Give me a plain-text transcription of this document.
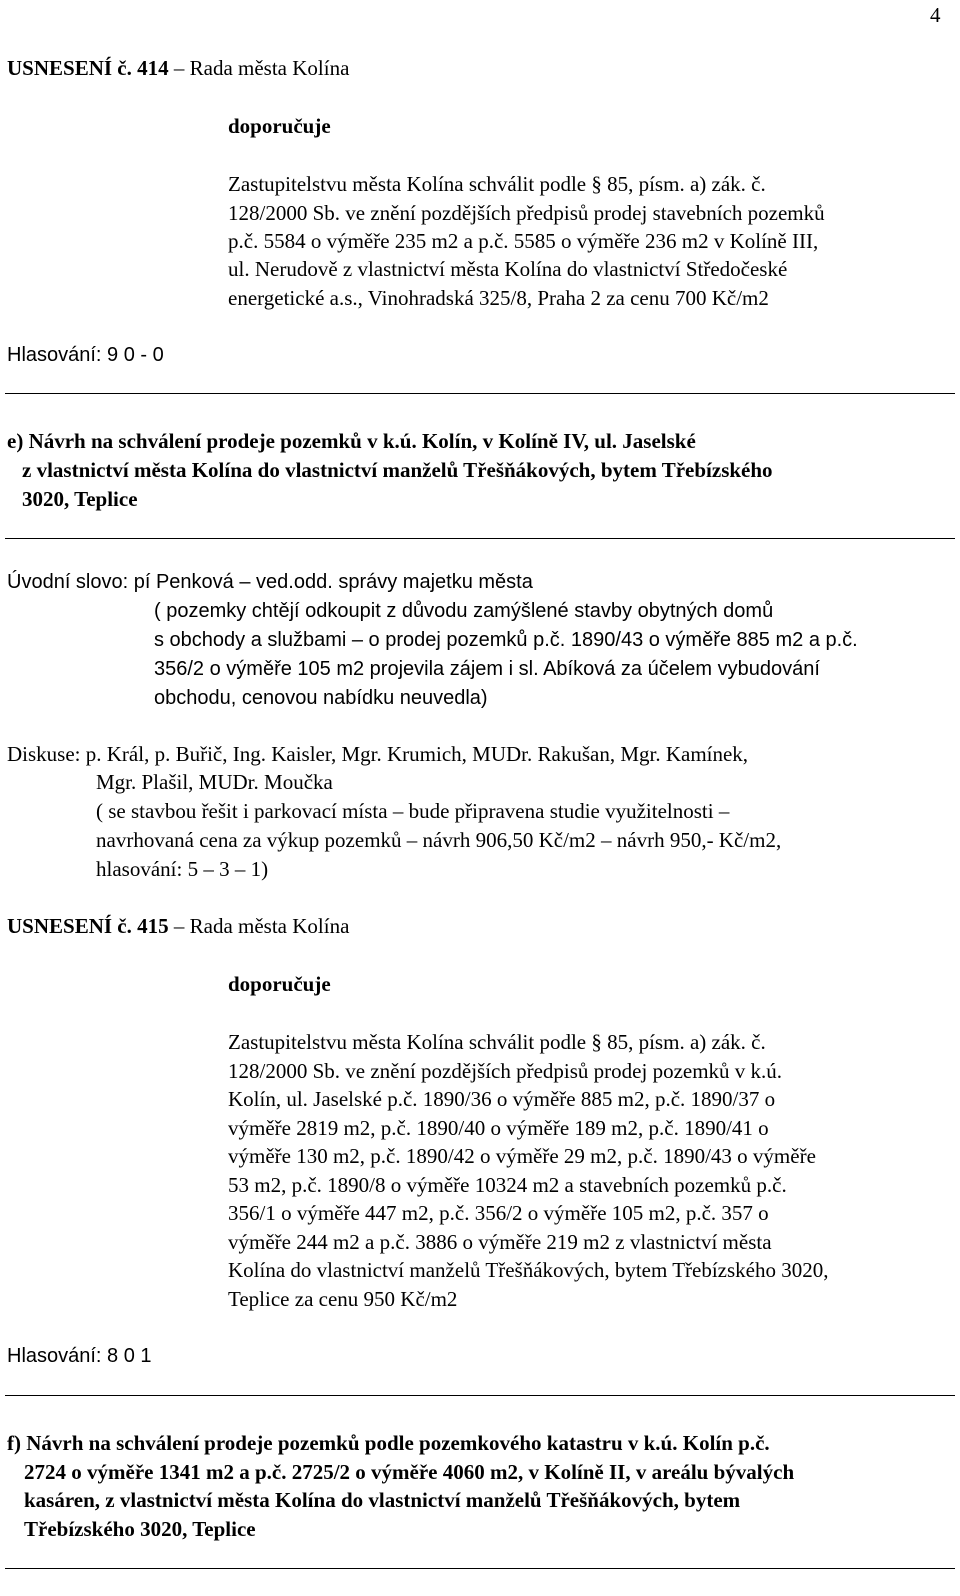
4
USNESENÍ č. 414 – Rada města Kolína
doporučuje
Zastupitelstvu města Kolína schválit podle § 85, písm. a) zák. č.
128/2000 Sb. ve znění pozdějších předpisů prodej stavebních pozemků
p.č. 5584 o výměře 235 m2 a p.č. 5585 o výměře 236 m2 v Kolíně III,
ul. Nerudově z vlastnictví města Kolína do vlastnictví Středočeské
energetické a.s., Vinohradská 325/8, Praha 2 za cenu 700 Kč/m2
Hlasování: 9 0 - 0
e) Návrh na schválení prodeje pozemků v k.ú. Kolín, v Kolíně IV, ul. Jaselské
z vlastnictví města Kolína do vlastnictví manželů Třešňákových, bytem Třebízského
3020, Teplice
Úvodní slovo: pí Penková – ved.odd. správy majetku města
( pozemky chtějí odkoupit z důvodu zamýšlené stavby obytných domů
s obchody a službami – o prodej pozemků p.č. 1890/43 o výměře 885 m2 a p.č.
356/2 o výměře 105 m2 projevila zájem i sl. Abíková za účelem vybudování
obchodu, cenovou nabídku neuvedla)
Diskuse: p. Král, p. Buřič, Ing. Kaisler, Mgr. Krumich, MUDr. Rakušan, Mgr. Kamínek,
Mgr. Plašil, MUDr. Moučka
( se stavbou řešit i parkovací místa – bude připravena studie využitelnosti –
navrhovaná cena za výkup pozemků – návrh 906,50 Kč/m2 – návrh 950,- Kč/m2,
hlasování: 5 – 3 – 1)
USNESENÍ č. 415 – Rada města Kolína
doporučuje
Zastupitelstvu města Kolína schválit podle § 85, písm. a) zák. č.
128/2000 Sb. ve znění pozdějších předpisů prodej pozemků v k.ú.
Kolín, ul. Jaselské p.č. 1890/36 o výměře 885 m2, p.č. 1890/37 o
výměře 2819 m2, p.č. 1890/40 o výměře 189 m2, p.č. 1890/41 o
výměře 130 m2, p.č. 1890/42 o výměře 29 m2, p.č. 1890/43 o výměře
53 m2, p.č. 1890/8 o výměře 10324 m2 a stavebních pozemků p.č.
356/1 o výměře 447 m2, p.č. 356/2 o výměře 105 m2, p.č. 357 o
výměře 244 m2 a p.č. 3886 o výměře 219 m2 z vlastnictví města
Kolína do vlastnictví manželů Třešňákových, bytem Třebízského 3020,
Teplice za cenu 950 Kč/m2
Hlasování: 8 0 1
f) Návrh na schválení prodeje pozemků podle pozemkového katastru v k.ú. Kolín p.č.
2724 o výměře 1341 m2 a p.č. 2725/2 o výměře 4060 m2, v Kolíně II, v areálu bývalých
kasáren, z vlastnictví města Kolína do vlastnictví manželů Třešňákových, bytem
Třebízského 3020, Teplice
